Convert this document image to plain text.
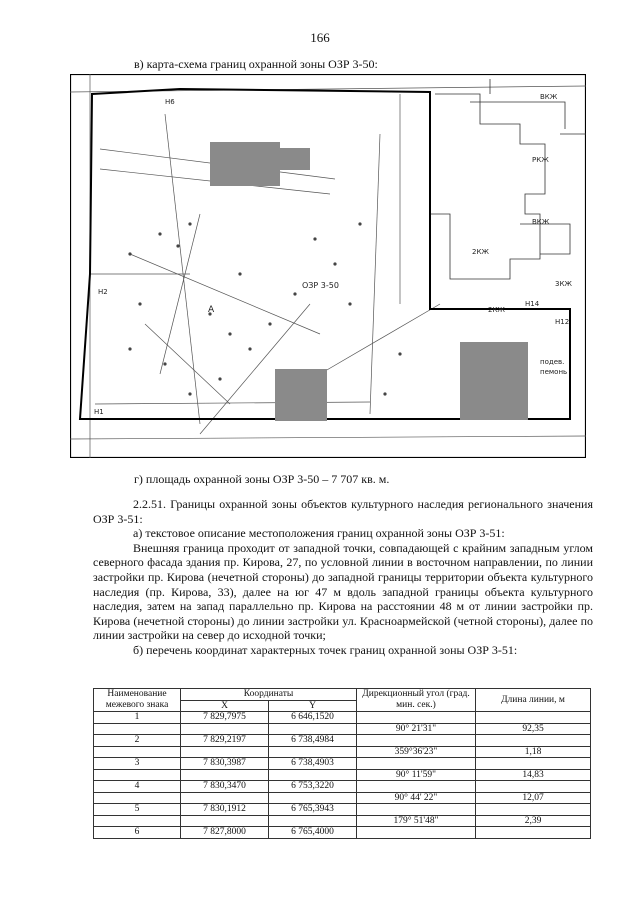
166
в) карта-схема границ охранной зоны ОЗР 3-50:
ОЗР 3-50
ВКЖ
РКЖ
ВКЖ
2КЖ
3КЖ
2КЖ
подев.
пемонь
Н2
Н6
Н14
Н1
Н12
А
г) площадь охранной зоны ОЗР 3-50 – 7 707 кв. м.

2.2.51. Границы охранной зоны объектов культурного наследия регионального значения ОЗР 3-51:

а) текстовое описание местоположения границ охранной зоны ОЗР 3-51:

Внешняя граница проходит от западной точки, совпадающей с крайним западным углом северного фасада здания пр. Кирова, 27, по условной линии в восточном направлении, по линии застройки пр. Кирова (нечетной стороны) до западной границы территории объекта культурного наследия (пр. Кирова, 33), далее на юг 47 м вдоль западной границы объекта культурного наследия, затем на запад параллельно пр. Кирова на расстоянии 48 м от линии застройки пр. Кирова (нечетной стороны) до линии застройки ул. Красноармейской (четной стороны), далее по линии застройки на север до исходной точки;

б) перечень координат характерных точек границ охранной зоны ОЗР 3-51:

Наименование межевого знака	Координаты		Дирекционный угол (град. мин. сек.)	Длина линии, м
	X	Y		
1	7 829,7975	6 646,1520		
			90° 21'31"	92,35
2	7 829,2197	6 738,4984		
			359°36'23"	1,18
3	7 830,3987	6 738,4903		
			90° 11'59"	14,83
4	7 830,3470	6 753,3220		
			90° 44' 22"	12,07
5	7 830,1912	6 765,3943		
			179° 51'48"	2,39
6	7 827,8000	6 765,4000		
